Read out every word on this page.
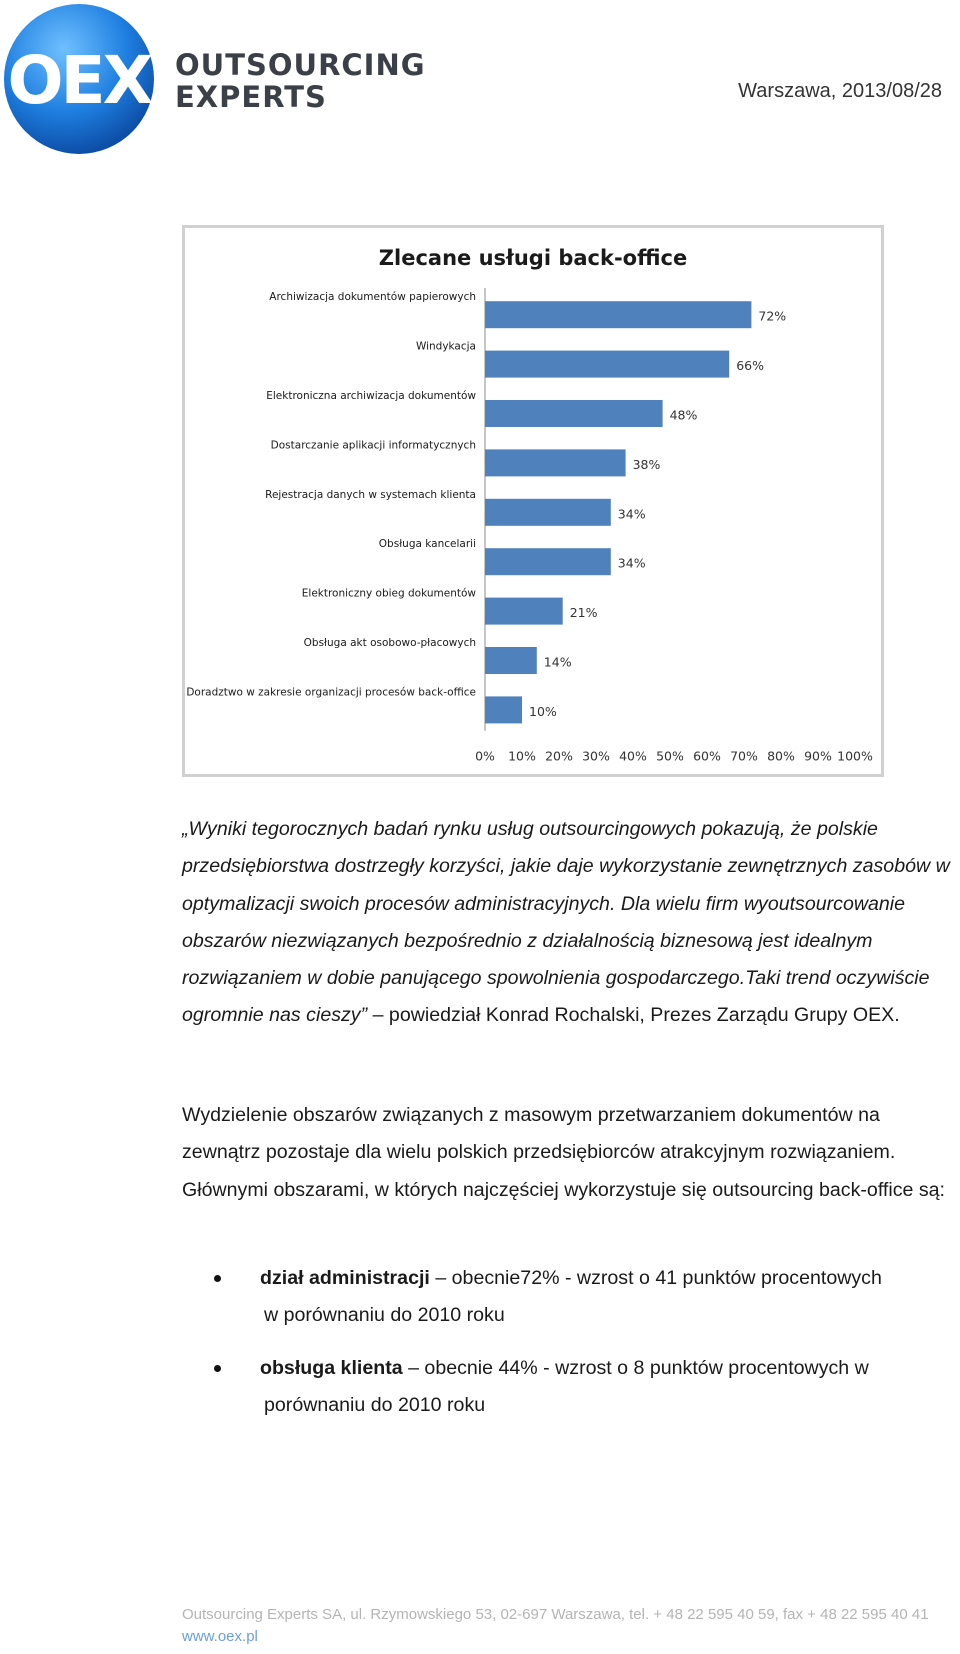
OEX OUTSOURCING
EXPERTS	Warszawa, 2013/08/28
Zlecane usługi back-office
Archiwizacja dokumentów papierowych
72%
Windykacja
66%
Elektroniczna archiwizacja dokumentów
48%
Dostarczanie aplikacji informatycznych
38%
Rejestracja danych w systemach klienta
34%
Obsługa kancelarii
34%
Elektroniczny obieg dokumentów
21%
Obsługa akt osobowo-płacowych
14%
Doradztwo w zakresie organizacji procesów back-office
10%
0% 10% 20% 30% 40% 50% 60% 70% 80% 90% 100%
„Wyniki tegorocznych badań rynku usług outsourcingowych pokazują, że polskie przedsiębiorstwa dostrzegły korzyści, jakie daje wykorzystanie zewnętrznych zasobów w optymalizacji swoich procesów administracyjnych. Dla wielu firm wyoutsourcowanie obszarów niezwiązanych bezpośrednio z działalnością biznesową jest idealnym rozwiązaniem w dobie panującego spowolnienia gospodarczego.Taki trend oczywiście ogromnie nas cieszy” – powiedział Konrad Rochalski, Prezes Zarządu Grupy OEX.
Wydzielenie obszarów związanych z masowym przetwarzaniem dokumentów na zewnątrz pozostaje dla wielu polskich przedsiębiorców atrakcyjnym rozwiązaniem. Głównymi obszarami, w których najczęściej wykorzystuje się outsourcing back-office są:
dział administracji – obecnie72% - wzrost o 41 punktów procentowych
w porównaniu do 2010 roku
obsługa klienta – obecnie 44% - wzrost o 8 punktów procentowych w
porównaniu do 2010 roku
Outsourcing Experts SA, ul. Rzymowskiego 53, 02-697 Warszawa, tel. + 48 22 595 40 59, fax + 48 22 595 40 41
www.oex.pl
